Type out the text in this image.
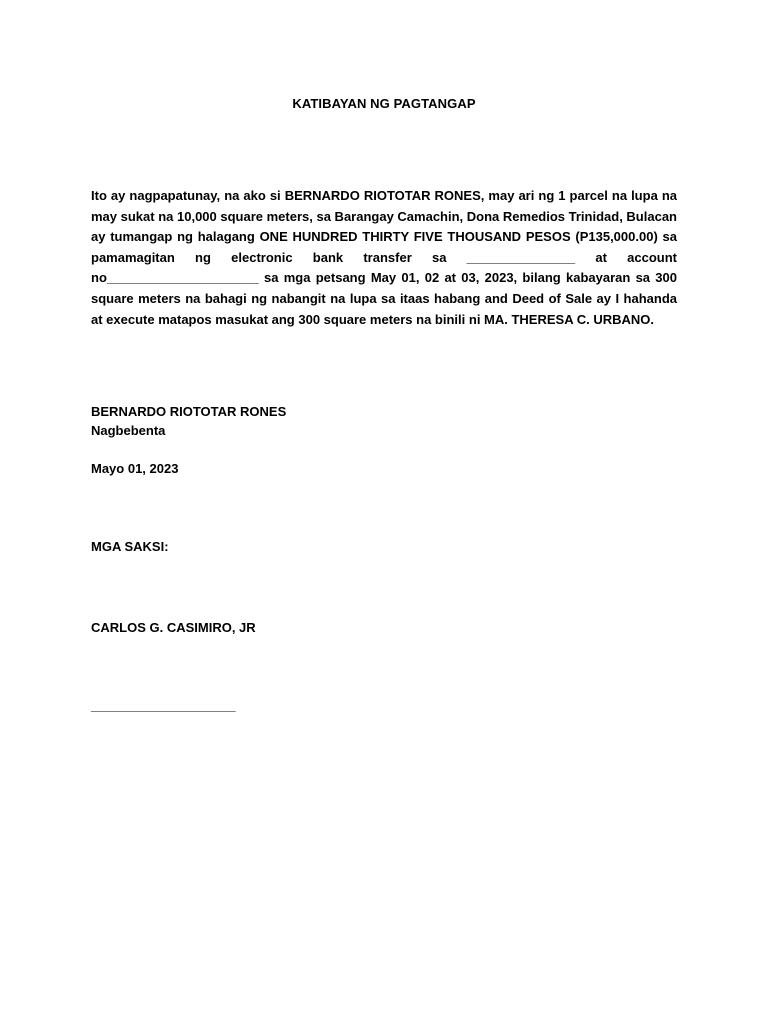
KATIBAYAN NG PAGTANGAP
Ito ay nagpapatunay, na ako si BERNARDO RIOTOTAR RONES, may ari ng 1 parcel na lupa na may sukat na 10,000 square meters, sa Barangay Camachin, Dona Remedios Trinidad, Bulacan ay tumangap ng halagang ONE HUNDRED THIRTY FIVE THOUSAND PESOS (P135,000.00) sa pamamagitan ng electronic bank transfer sa _______________ at account no_____________________ sa mga petsang May 01, 02 at 03, 2023, bilang kabayaran sa 300 square meters na bahagi ng nabangit na lupa sa itaas habang and Deed of Sale ay I hahanda at execute matapos masukat ang 300 square meters na binili ni MA. THERESA C. URBANO.
BERNARDO RIOTOTAR RONES
Nagbebenta
Mayo 01, 2023
MGA SAKSI:
CARLOS G. CASIMIRO, JR
____________________
